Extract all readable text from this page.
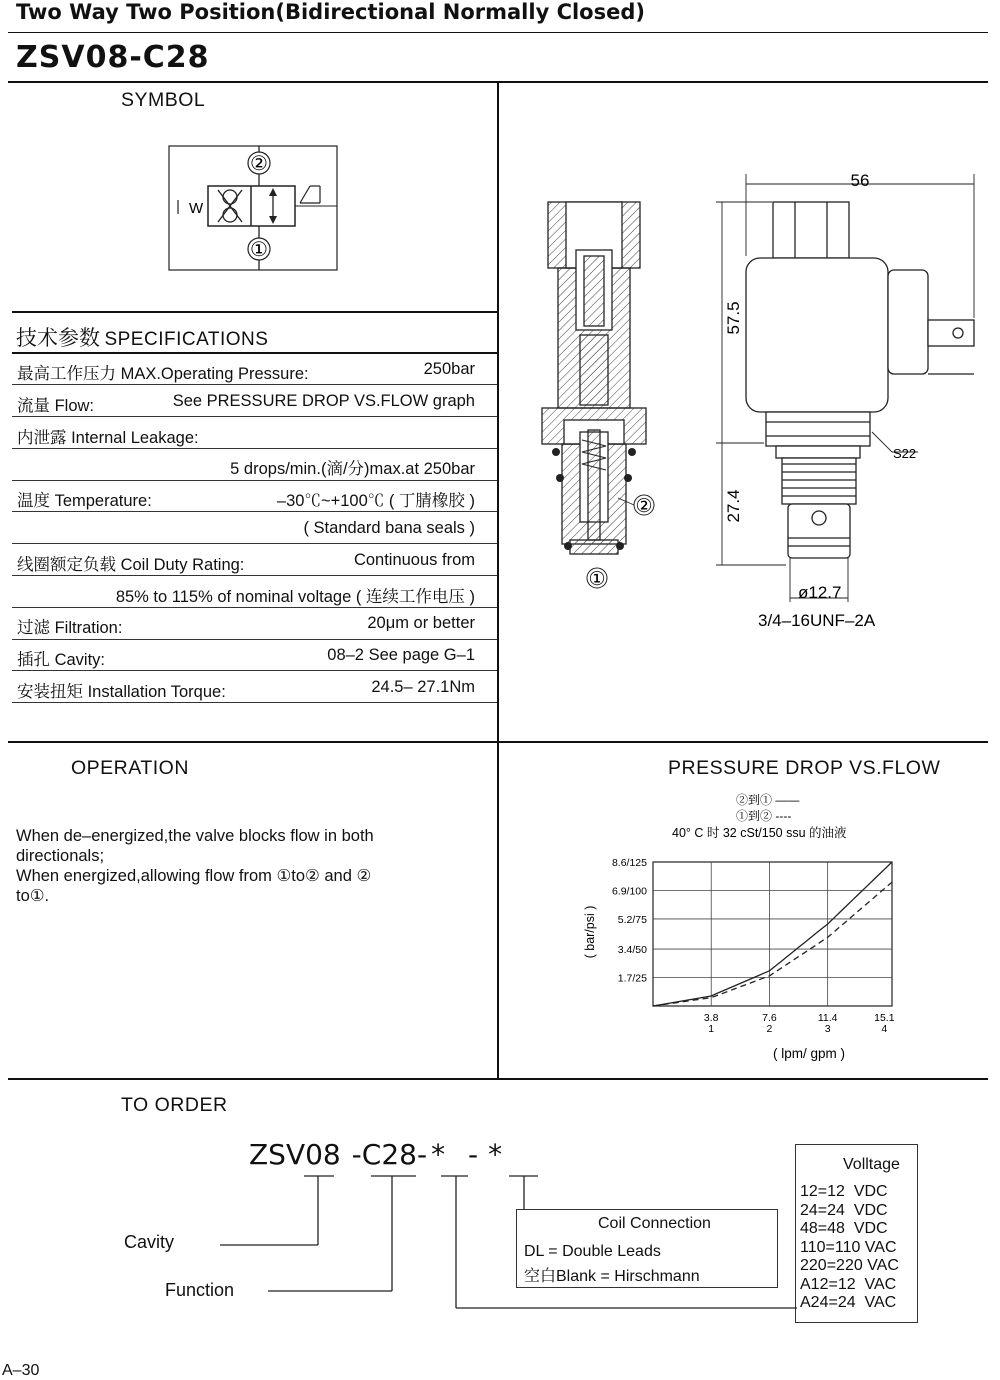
Two Way Two Position(Bidirectional Normally Closed)
ZSV08-C28
SYMBOL
②
①
W
技术参数 SPECIFICATIONS
最高工作压力 MAX.Operating Pressure:	250bar
流量 Flow:	See PRESSURE DROP VS.FLOW graph
内泄露 Internal Leakage:
5 drops/min.(滴/分)max.at 250bar
温度 Temperature:	–30℃~+100℃ ( 丁腈橡胶 )
( Standard bana seals )
线圈额定负载 Coil Duty Rating:	Continuous from
85% to 115% of nominal voltage ( 连续工作电压 )
过滤 Filtration:	20μm or better
插孔 Cavity:	08–2 See page G–1
安装扭矩 Installation Torque:	24.5– 27.1Nm
②
①
56
57.5
27.4
S22
ø12.7
3/4–16UNF–2A
OPERATION
When de–energized,the valve blocks flow in both
directionals;
When energized,allowing flow from ①to② and ②
to①.
PRESSURE DROP VS.FLOW
②到① ——
①到② ----
40° C 时 32 cSt/150 ssu 的油液
( bar/psi )
( lpm/ gpm )
1.7/25
3.4/50
5.2/75
6.9/100
8.6/125
3.8
1
7.6
2
11.4
3
15.1
4
TO ORDER
ZSV08 -C28- * - *
Cavity
Function
Coil Connection
DL = Double Leads
空白Blank = Hirschmann
Volltage
12=12  VDC
24=24  VDC
48=48  VDC
110=110 VAC
220=220 VAC
A12=12  VAC
A24=24  VAC
A–30
